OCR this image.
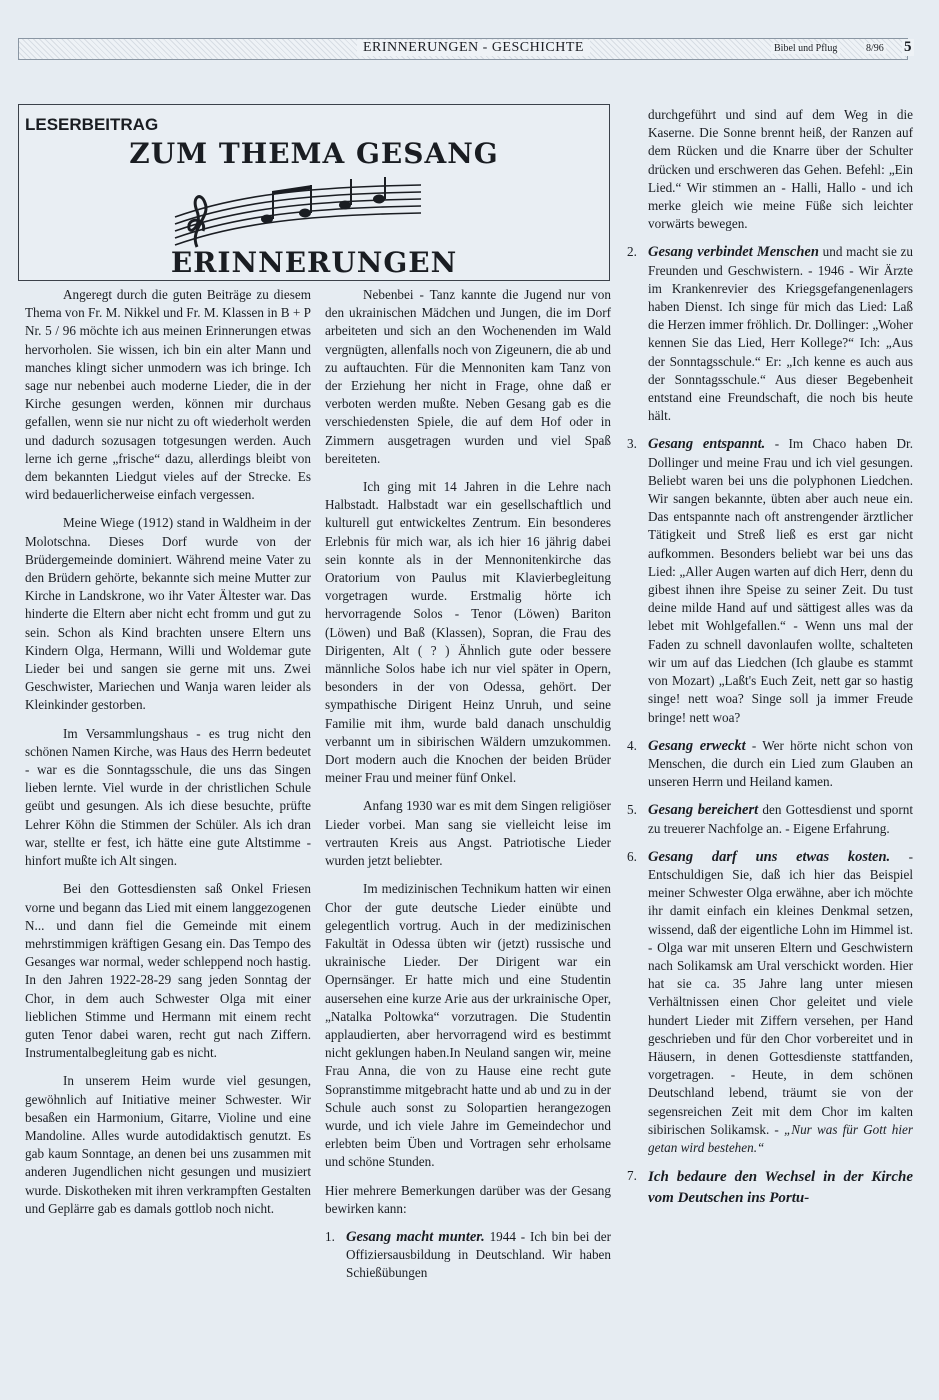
ERINNERUNGEN - GESCHICHTE	Bibel und Pflug	8/96 5
LESERBEITRAG
ZUM THEMA GESANG
ERINNERUNGEN

Angeregt durch die guten Beiträge zu diesem Thema von Fr. M. Nikkel und Fr. M. Klassen in B + P Nr. 5 / 96 möchte ich aus meinen Erinnerungen etwas hervorholen. Sie wissen, ich bin ein alter Mann und manches klingt sicher unmodern was ich bringe. Ich sage nur nebenbei auch moderne Lieder, die in der Kirche gesungen werden, können mir durchaus gefallen, wenn sie nur nicht zu oft wiederholt werden und dadurch sozusagen totgesungen werden. Auch lerne ich gerne „frische“ dazu, allerdings bleibt von dem bekannten Liedgut vieles auf der Strecke. Es wird bedauerlicherweise einfach vergessen.

Meine Wiege (1912) stand in Waldheim in der Molotschna. Dieses Dorf wurde von der Brüdergemeinde dominiert. Während meine Vater zu den Brüdern gehörte, bekannte sich meine Mutter zur Kirche in Landskrone, wo ihr Vater Ältester war. Das hinderte die Eltern aber nicht echt fromm und gut zu sein. Schon als Kind brachten unsere Eltern uns Kindern Olga, Hermann, Willi und Woldemar gute Lieder bei und sangen sie gerne mit uns. Zwei Geschwister, Mariechen und Wanja waren leider als Kleinkinder gestorben.

Im Versammlungshaus - es trug nicht den schönen Namen Kirche, was Haus des Herrn bedeutet - war es die Sonntagsschule, die uns das Singen lieben lernte. Viel wurde in der christlichen Schule geübt und gesungen. Als ich diese besuchte, prüfte Lehrer Köhn die Stimmen der Schüler. Als ich dran war, stellte er fest, ich hätte eine gute Altstimme - hinfort mußte ich Alt singen.

Bei den Gottesdiensten saß Onkel Friesen vorne und begann das Lied mit einem langgezogenen N... und dann fiel die Gemeinde mit einem mehrstimmigen kräftigen Gesang ein. Das Tempo des Gesanges war normal, weder schleppend noch hastig. In den Jahren 1922-28-29 sang jeden Sonntag der Chor, in dem auch Schwester Olga mit einer lieblichen Stimme und Hermann mit einem recht guten Tenor dabei waren, recht gut nach Ziffern. Instrumentalbegleitung gab es nicht.

In unserem Heim wurde viel gesungen, gewöhnlich auf Initiative meiner Schwester. Wir besaßen ein Harmonium, Gitarre, Violine und eine Mandoline. Alles wurde autodidaktisch genutzt. Es gab kaum Sonntage, an denen bei uns zusammen mit anderen Jugendlichen nicht gesungen und musiziert wurde. Diskotheken mit ihren verkrampften Gestalten und Geplärre gab es damals gottlob noch nicht.

Nebenbei - Tanz kannte die Jugend nur von den ukrainischen Mädchen und Jungen, die im Dorf arbeiteten und sich an den Wochenenden im Wald vergnügten, allenfalls noch von Zigeunern, die ab und zu auftauchten. Für die Mennoniten kam Tanz von der Erziehung her nicht in Frage, ohne daß er verboten werden mußte. Neben Gesang gab es die verschiedensten Spiele, die auf dem Hof oder in Zimmern ausgetragen wurden und viel Spaß bereiteten.

Ich ging mit 14 Jahren in die Lehre nach Halbstadt. Halbstadt war ein gesellschaftlich und kulturell gut entwickeltes Zentrum. Ein besonderes Erlebnis für mich war, als ich hier 16 jährig dabei sein konnte als in der Mennonitenkirche das Oratorium von Paulus mit Klavierbegleitung vorgetragen wurde. Erstmalig hörte ich hervorragende Solos - Tenor (Löwen) Bariton (Löwen) und Baß (Klassen), Sopran, die Frau des Dirigenten, Alt ( ? ) Ähnlich gute oder bessere männliche Solos habe ich nur viel später in Opern, besonders in der von Odessa, gehört. Der sympathische Dirigent Heinz Unruh, und seine Familie mit ihm, wurde bald danach unschuldig verbannt um in sibirischen Wäldern umzukommen. Dort modern auch die Knochen der beiden Brüder meiner Frau und meiner fünf Onkel.

Anfang 1930 war es mit dem Singen religiöser Lieder vorbei. Man sang sie vielleicht leise im vertrauten Kreis aus Angst. Patriotische Lieder wurden jetzt beliebter.

Im medizinischen Technikum hatten wir einen Chor der gute deutsche Lieder einübte und gelegentlich vortrug. Auch in der medizinischen Fakultät in Odessa übten wir (jetzt) russische und ukrainische Lieder. Der Dirigent war ein Opernsänger. Er hatte mich und eine Studentin ausersehen eine kurze Arie aus der urkrainische Oper, „Natalka Poltowka“ vorzutragen. Die Studentin applaudierten, aber hervorragend wird es bestimmt nicht geklungen haben.In Neuland sangen wir, meine Frau Anna, die von zu Hause eine recht gute Sopranstimme mitgebracht hatte und ab und zu in der Schule auch sonst zu Solopartien herangezogen wurde, und ich viele Jahre im Gemeindechor und erlebten beim Üben und Vortragen sehr erholsame und schöne Stunden.

Hier mehrere Bemerkungen darüber was der Gesang bewirken kann:

1. Gesang macht munter. 1944 - Ich bin bei der Offiziersausbildung in Deutschland. Wir haben Schießübungen

durchgeführt und sind auf dem Weg in die Kaserne. Die Sonne brennt heiß, der Ranzen auf dem Rücken und die Knarre über der Schulter drücken und erschweren das Gehen. Befehl: „Ein Lied.“ Wir stimmen an - Halli, Hallo - und ich merke gleich wie meine Füße sich leichter vorwärts bewegen.

2. Gesang verbindet Menschen und macht sie zu Freunden und Geschwistern. - 1946 - Wir Ärzte im Krankenrevier des Kriegsgefangenenlagers haben Dienst. Ich singe für mich das Lied: Laß die Herzen immer fröhlich. Dr. Dollinger: „Woher kennen Sie das Lied, Herr Kollege?“ Ich: „Aus der Sonntagsschule.“ Er: „Ich kenne es auch aus der Sonntagsschule.“ Aus dieser Begebenheit entstand eine Freundschaft, die noch bis heute hält.

3. Gesang entspannt. - Im Chaco haben Dr. Dollinger und meine Frau und ich viel gesungen. Beliebt waren bei uns die polyphonen Liedchen. Wir sangen bekannte, übten aber auch neue ein. Das entspannte nach oft anstrengender ärztlicher Tätigkeit und Streß ließ es erst gar nicht aufkommen. Besonders beliebt war bei uns das Lied: „Aller Augen warten auf dich Herr, denn du gibest ihnen ihre Speise zu seiner Zeit. Du tust deine milde Hand auf und sättigest alles was da lebet mit Wohlgefallen.“ - Wenn uns mal der Faden zu schnell davonlaufen wollte, schalteten wir um auf das Liedchen (Ich glaube es stammt von Mozart) „Laßt's Euch Zeit, nett gar so hastig singe! nett woa? Singe soll ja immer Freude bringe! nett woa?

4. Gesang erweckt - Wer hörte nicht schon von Menschen, die durch ein Lied zum Glauben an unseren Herrn und Heiland kamen.

5. Gesang bereichert den Gottesdienst und spornt zu treuerer Nachfolge an. - Eigene Erfahrung.

6. Gesang darf uns etwas kosten. - Entschuldigen Sie, daß ich hier das Beispiel meiner Schwester Olga erwähne, aber ich möchte ihr damit einfach ein kleines Denkmal setzen, wissend, daß der eigentliche Lohn im Himmel ist. - Olga war mit unseren Eltern und Geschwistern nach Solikamsk am Ural verschickt worden. Hier hat sie ca. 35 Jahre lang unter miesen Verhältnissen einen Chor geleitet und viele hundert Lieder mit Ziffern versehen, per Hand geschrieben und für den Chor vorbereitet und in Häusern, in denen Gottesdienste stattfanden, vorgetragen. - Heute, in dem schönen Deutschland lebend, träumt sie von der segensreichen Zeit mit dem Chor im kalten sibirischen Solikamsk. - „Nur was für Gott hier getan wird bestehen.“

7. Ich bedaure den Wechsel in der Kirche vom Deutschen ins Portu-
